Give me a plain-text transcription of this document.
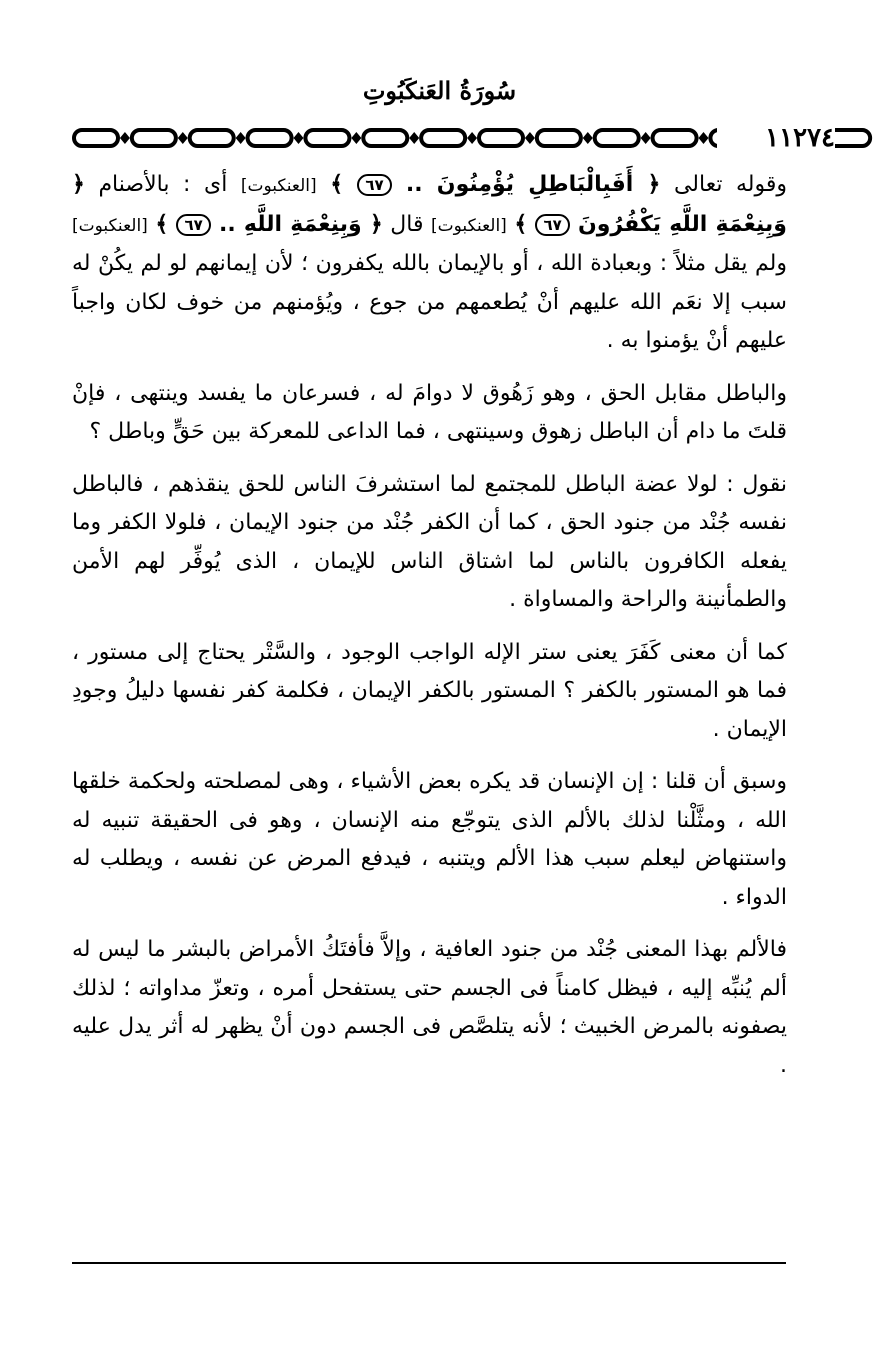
سُورَةُ العَنكَبُوتِ
١١٢٧٤

وقوله تعالى ﴿ أَفَبِالْبَاطِلِ يُؤْمِنُونَ .. ٦٧ ﴾ [العنكبوت] أى : بالأصنام ﴿ وَبِنِعْمَةِ اللَّهِ يَكْفُرُونَ ٦٧ ﴾ [العنكبوت] قال ﴿ وَبِنِعْمَةِ اللَّهِ .. ٦٧ ﴾ [العنكبوت] ولم يقل مثلاً : وبعبادة الله ، أو بالإيمان بالله يكفرون ؛ لأن إيمانهم لو لم يكُنْ له سبب إلا نعَم الله عليهم أنْ يُطعمهم من جوع ، ويُؤمنهم من خوف لكان واجباً عليهم أنْ يؤمنوا به .

والباطل مقابل الحق ، وهو زَهُوق لا دوامَ له ، فسرعان ما يفسد وينتهى ، فإنْ قلتَ ما دام أن الباطل زهوق وسينتهى ، فما الداعى للمعركة بين حَقٍّ وباطل ؟

نقول : لولا عضة الباطل للمجتمع لما استشرفَ الناس للحق ينقذهم ، فالباطل نفسه جُنْد من جنود الحق ، كما أن الكفر جُنْد من جنود الإيمان ، فلولا الكفر وما يفعله الكافرون بالناس لما اشتاق الناس للإيمان ، الذى يُوفِّر لهم الأمن والطمأنينة والراحة والمساواة .

كما أن معنى كَفَرَ يعنى ستر الإله الواجب الوجود ، والسَّتْر يحتاج إلى مستور ، فما هو المستور بالكفر ؟ المستور بالكفر الإيمان ، فكلمة كفر نفسها دليلُ وجودِ الإيمان .

وسبق أن قلنا : إن الإنسان قد يكره بعض الأشياء ، وهى لمصلحته ولحكمة خلقها الله ، ومثَّلْنا لذلك بالألم الذى يتوجّع منه الإنسان ، وهو فى الحقيقة تنبيه له واستنهاض ليعلم سبب هذا الألم ويتنبه ، فيدفع المرض عن نفسه ، ويطلب له الدواء .

فالألم بهذا المعنى جُنْد من جنود العافية ، وإلاَّ فأفتَكُ الأمراض بالبشر ما ليس له ألم يُنبِّه إليه ، فيظل كامناً فى الجسم حتى يستفحل أمره ، وتعزّ مداواته ؛ لذلك يصفونه بالمرض الخبيث ؛ لأنه يتلصَّص فى الجسم دون أنْ يظهر له أثر يدل عليه .
